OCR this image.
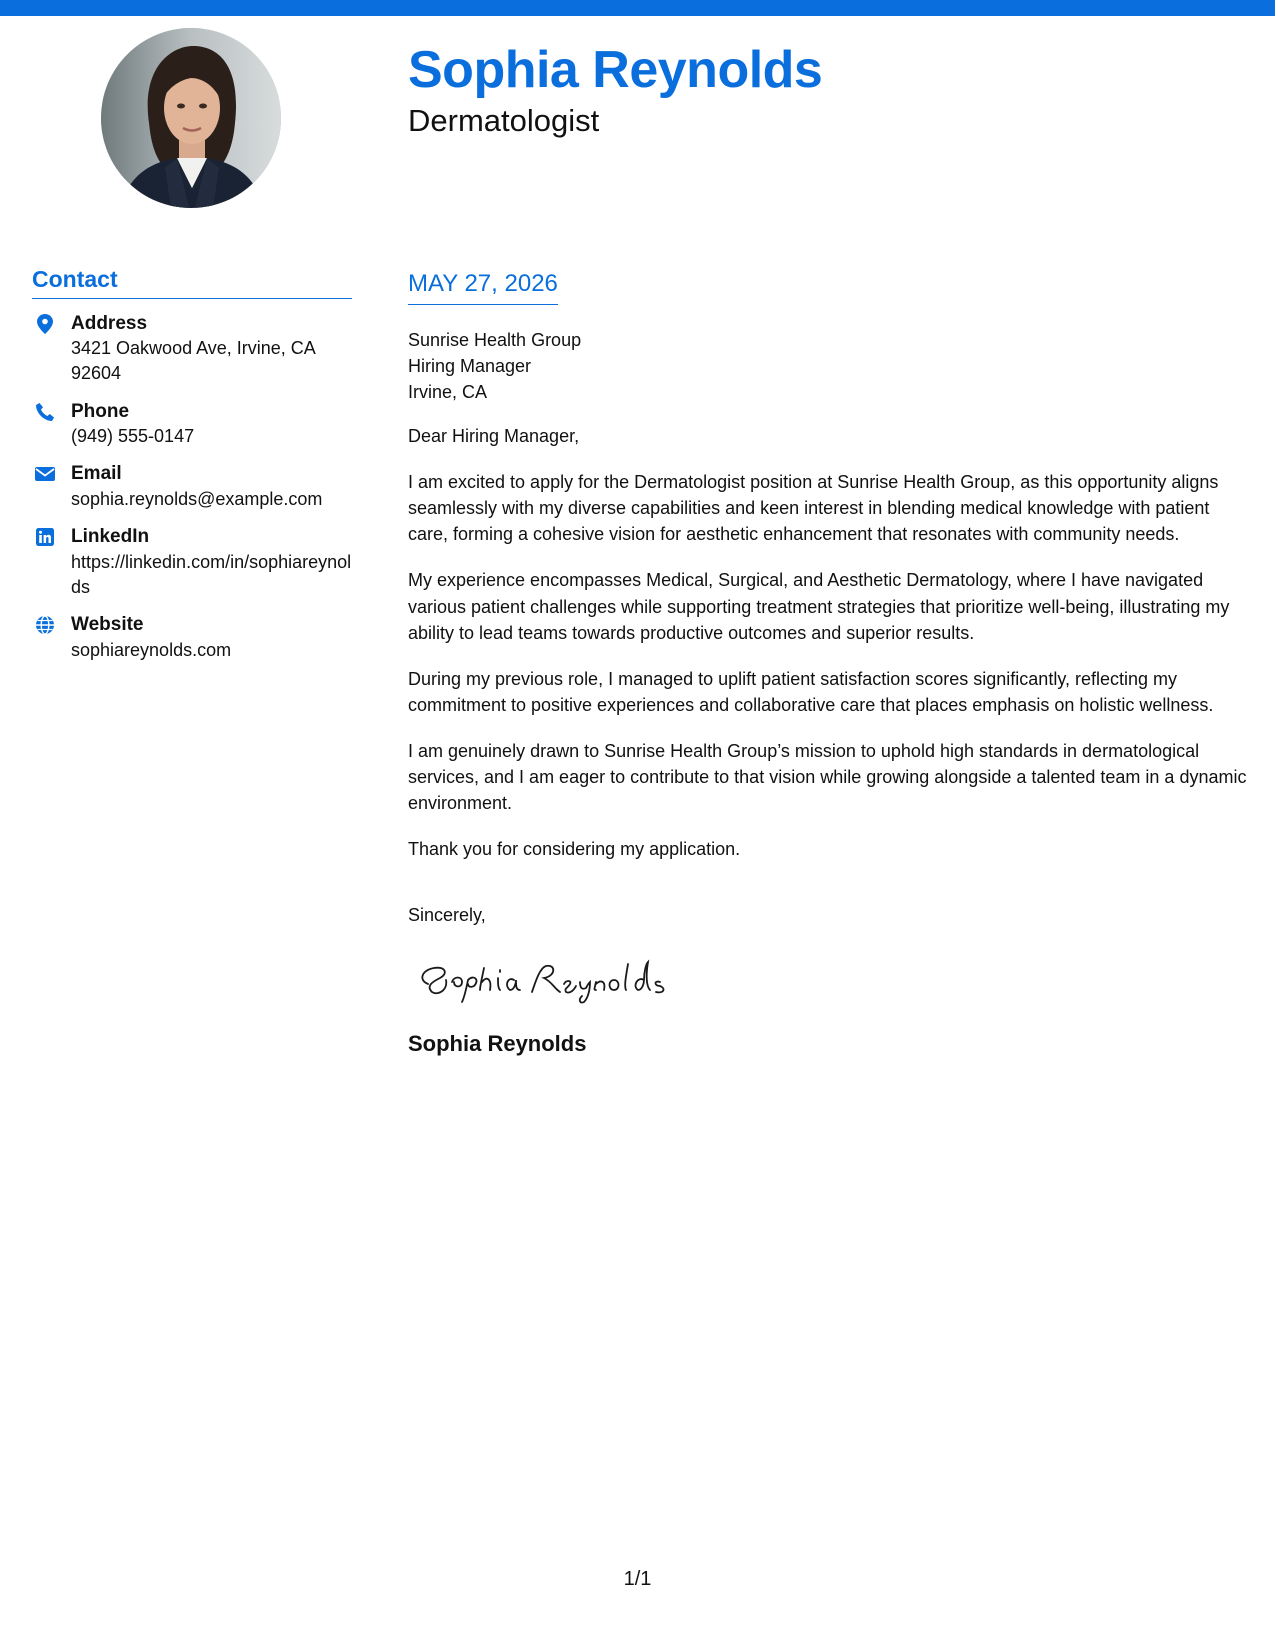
Sophia Reynolds
Dermatologist
Contact
Address
3421 Oakwood Ave, Irvine, CA 92604
Phone
(949) 555-0147
Email
sophia.reynolds@example.com
LinkedIn
https://linkedin.com/in/sophiareynolds
Website
sophiareynolds.com
MAY 27, 2026
Sunrise Health Group
Hiring Manager
Irvine, CA

Dear Hiring Manager,

I am excited to apply for the Dermatologist position at Sunrise Health Group, as this opportunity aligns seamlessly with my diverse capabilities and keen interest in blending medical knowledge with patient care, forming a cohesive vision for aesthetic enhancement that resonates with community needs.

My experience encompasses Medical, Surgical, and Aesthetic Dermatology, where I have navigated various patient challenges while supporting treatment strategies that prioritize well-being, illustrating my ability to lead teams towards productive outcomes and superior results.

During my previous role, I managed to uplift patient satisfaction scores significantly, reflecting my commitment to positive experiences and collaborative care that places emphasis on holistic wellness.

I am genuinely drawn to Sunrise Health Group’s mission to uphold high standards in dermatological services, and I am eager to contribute to that vision while growing alongside a talented team in a dynamic environment.

Thank you for considering my application.

Sincerely,

Sophia Reynolds
1/1
